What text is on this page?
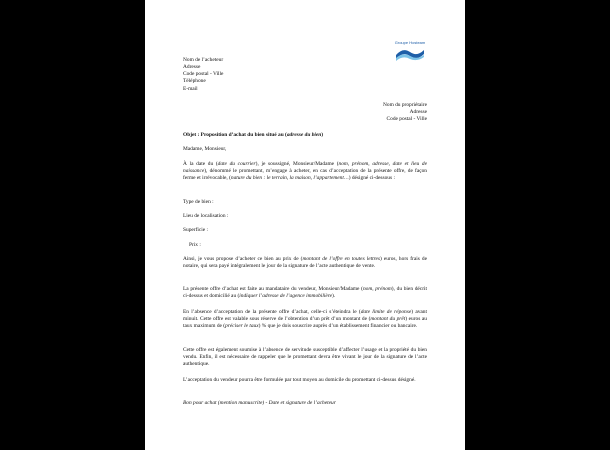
Groupe Hosteam
Nom de l’acheteur
Adresse
Code postal - Ville
Téléphone
E-mail
Nom du propriétaire
Adresse
Code postal - Ville
Objet : Proposition d’achat du bien situé au (adresse du bien)
Madame, Monsieur,
À la date du (date du courrier), je soussigné, Monsieur/Madame (nom, prénom, adresse, date et lieu de naissance), dénommé le promettant, m’engage à acheter, en cas d’acceptation de la présente offre, de façon ferme et irrévocable, (nature du bien : le terrain, la maison, l’appartement…) désigné ci-dessous :
Type de bien :
Lieu de localisation :
Superficie :
Prix :
Ainsi, je vous propose d’acheter ce bien au prix de (montant de l’offre en toutes lettres) euros, hors frais de notaire, qui sera payé intégralement le jour de la signature de l’acte authentique de vente.
La présente offre d’achat est faite au mandataire du vendeur, Monsieur/Madame (nom, prénom), du bien décrit ci-dessus et domicilié au (indiquer l’adresse de l’agence immobilière).
En l’absence d’acceptation de la présente offre d’achat, celle-ci s’éteindra le (date limite de réponse) avant minuit. Cette offre est valable sous réserve de l’obtention d’un prêt d’un montant de (montant du prêt) euros au taux maximum de (préciser le taux) % que je dois souscrire auprès d’un établissement financier ou bancaire.
Cette offre est également soumise à l’absence de servitude susceptible d’affecter l’usage et la propriété du bien vendu. Enfin, il est nécessaire de rappeler que le promettant devra être vivant le jour de la signature de l’acte authentique.
L’acceptation du vendeur pourra être formulée par tout moyen au domicile du promettant ci-dessus désigné.
Bon pour achat (mention manuscrite) - Date et signature de l’acheteur
